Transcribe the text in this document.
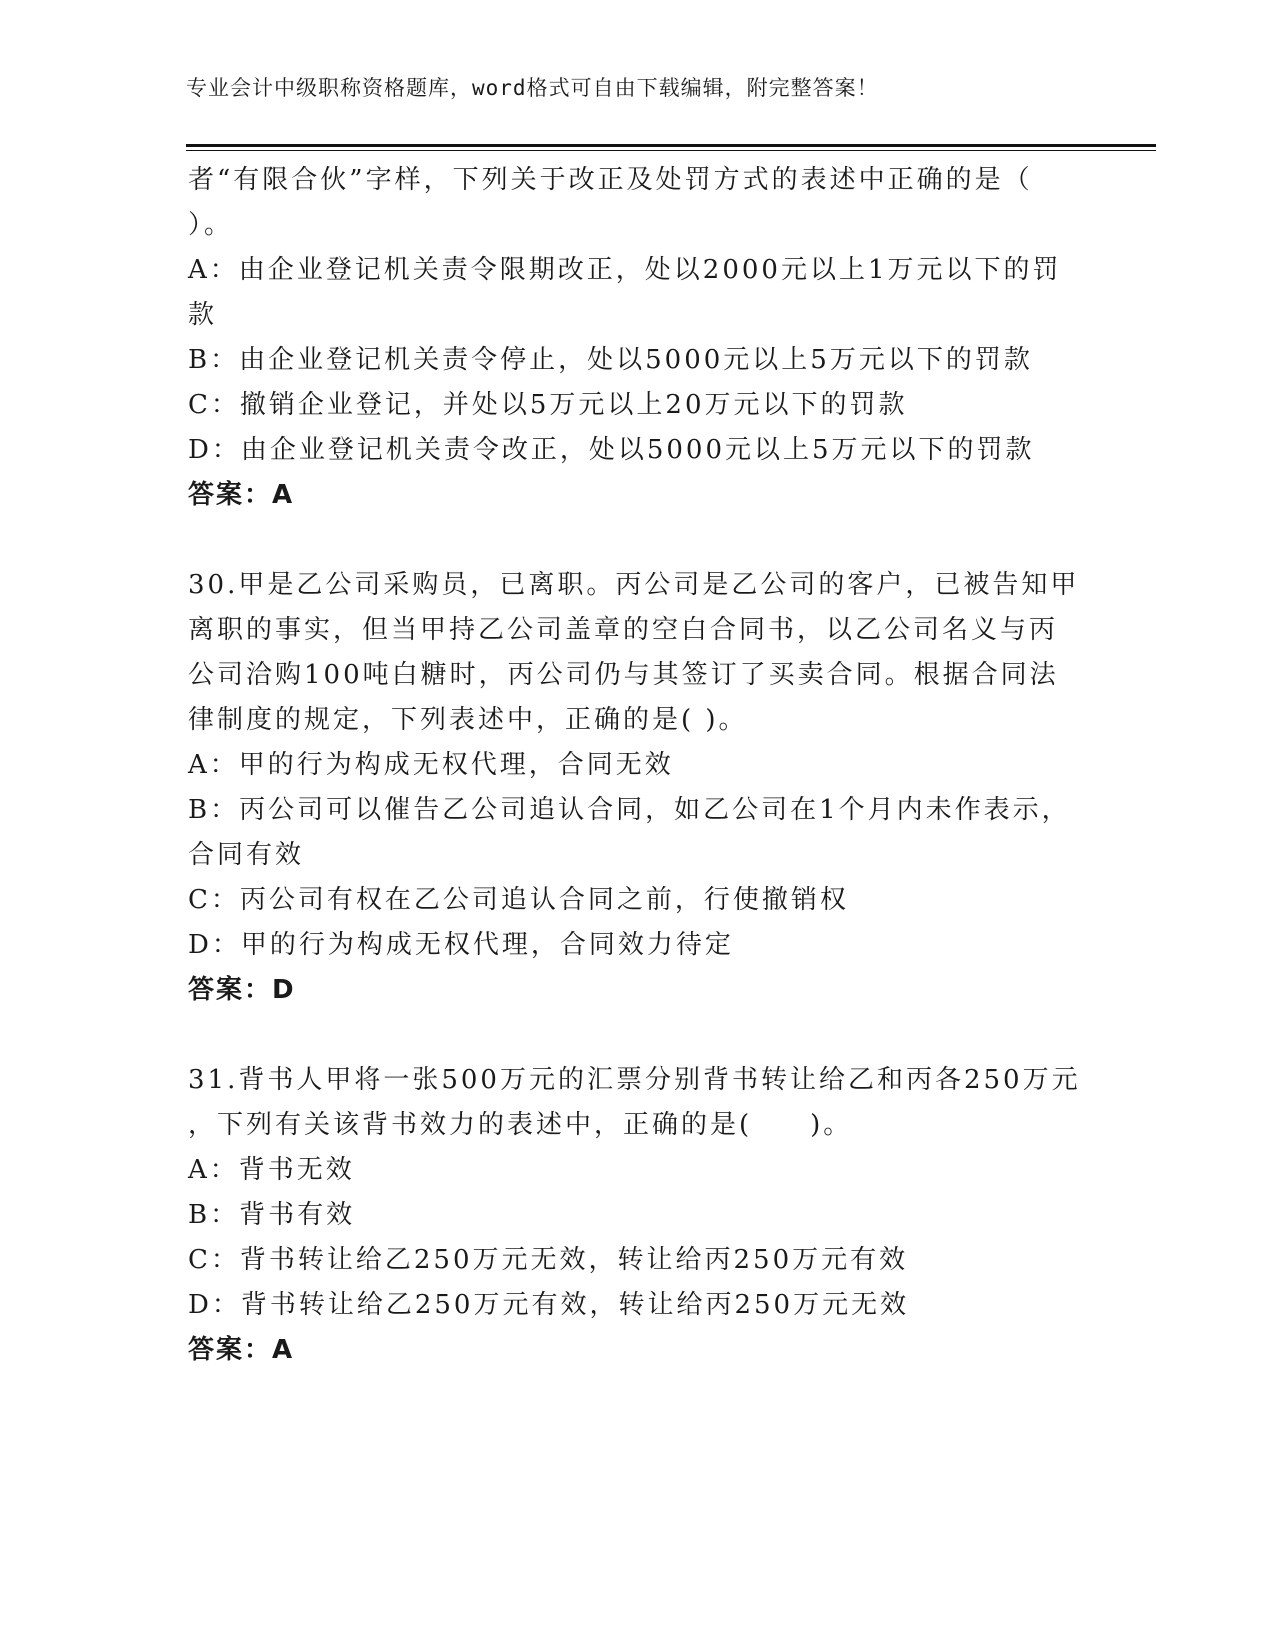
专业会计中级职称资格题库，word格式可自由下载编辑，附完整答案！

者“有限合伙”字样，下列关于改正及处罚方式的表述中正确的是（

）。

A：由企业登记机关责令限期改正，处以2000元以上1万元以下的罚

款

B：由企业登记机关责令停止，处以5000元以上5万元以下的罚款

C：撤销企业登记，并处以5万元以上20万元以下的罚款

D：由企业登记机关责令改正，处以5000元以上5万元以下的罚款

答案：A

30.甲是乙公司采购员，已离职。丙公司是乙公司的客户，已被告知甲

离职的事实，但当甲持乙公司盖章的空白合同书，以乙公司名义与丙

公司洽购100吨白糖时，丙公司仍与其签订了买卖合同。根据合同法

律制度的规定，下列表述中，正确的是( )。

A：甲的行为构成无权代理，合同无效

B：丙公司可以催告乙公司追认合同，如乙公司在1个月内未作表示，

合同有效

C：丙公司有权在乙公司追认合同之前，行使撤销权

D：甲的行为构成无权代理，合同效力待定

答案：D

31.背书人甲将一张500万元的汇票分别背书转让给乙和丙各250万元

，下列有关该背书效力的表述中，正确的是(　　)。

A：背书无效

B：背书有效

C：背书转让给乙250万元无效，转让给丙250万元有效

D：背书转让给乙250万元有效，转让给丙250万元无效

答案：A
